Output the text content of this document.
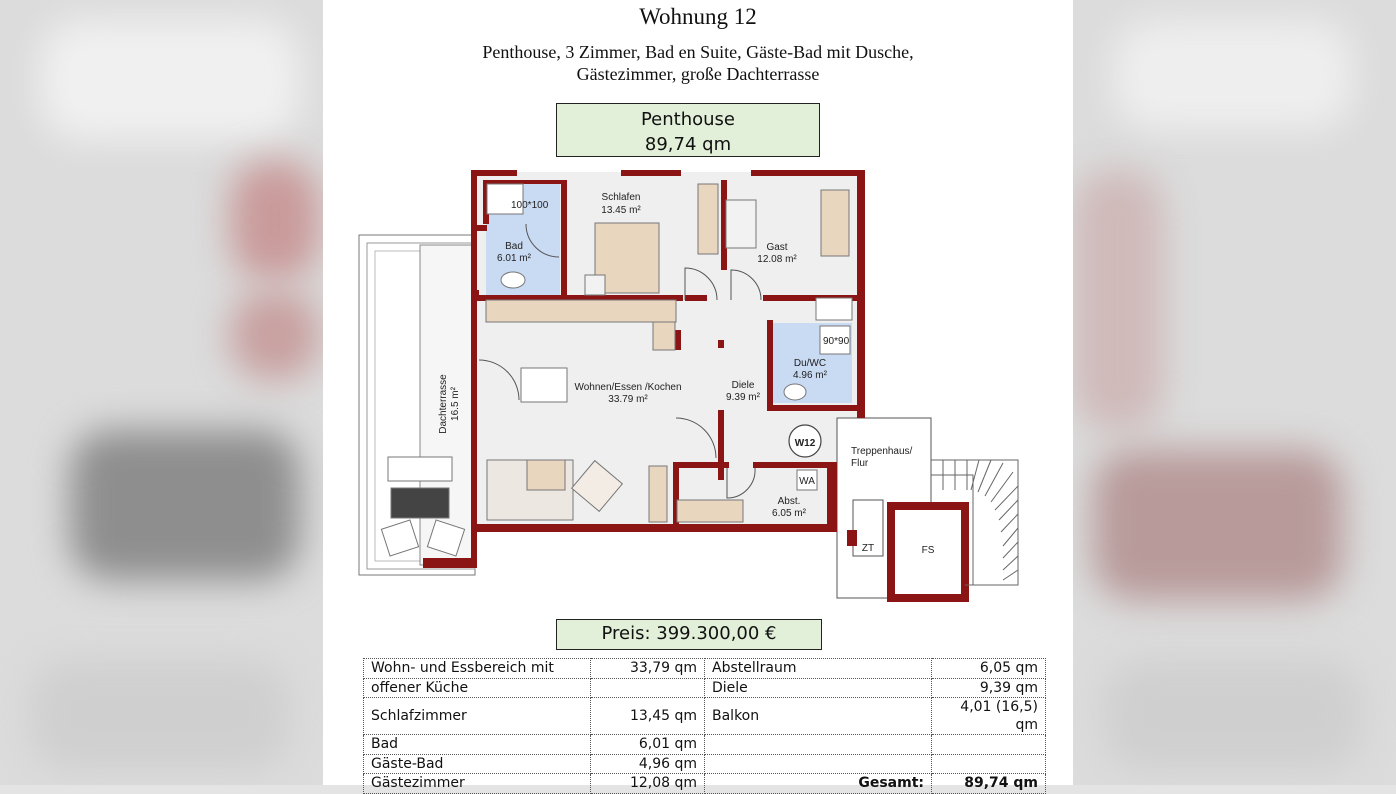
Wohnung 12
Penthouse, 3 Zimmer, Bad en Suite, Gäste-Bad mit Dusche,
Gästezimmer, große Dachterrasse
Penthouse
89,74 qm
100*100
90*90
Schlafen
13.45 m²
Bad
6.01 m²
Gast
12.08 m²
Du/WC
4.96 m²
Wohnen/Essen /Kochen
33.79 m²
Diele
9.39 m²
Abst.
6.05 m²
Dachterrasse 16.5 m²
W12
Treppenhaus/
Flur
WA
FS
ZT
Preis: 399.300,00 €
Wohn- und Essbereich mit	33,79 qm	Abstellraum	6,05 qm
offener Küche		Diele	9,39 qm
Schlafzimmer	13,45 qm	Balkon	4,01 (16,5) qm
Bad	6,01 qm		
Gäste-Bad	4,96 qm		
Gästezimmer	12,08 qm	Gesamt:	89,74 qm
